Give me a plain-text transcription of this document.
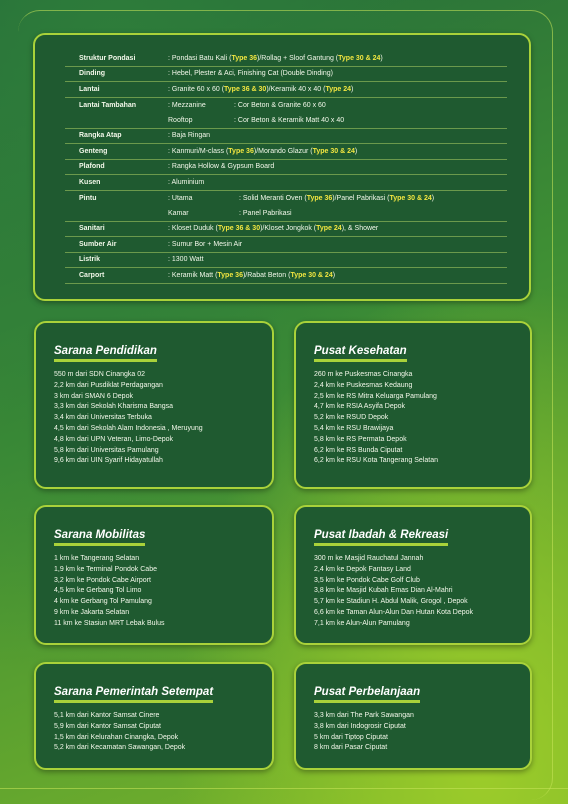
Struktur Pondasi	: Pondasi Batu Kali (Type 36)/Rollag + Sloof Gantung (Type 30 & 24)
Dinding	: Hebel, Plester & Aci, Finishing Cat (Double Dinding)
Lantai	: Granite 60 x 60 (Type 36 & 30)/Keramik 40 x 40 (Type 24)
Lantai Tambahan	: Mezzanine	: Cor Beton & Granite 60 x 60
Rooftop	: Cor Beton & Keramik Matt 40 x 40
Rangka Atap	: Baja Ringan
Genteng	: Kanmuri/M-class (Type 36)/Morando Glazur (Type 30 & 24)
Plafond	: Rangka Hollow & Gypsum Board
Kusen	: Aluminium
Pintu	: Utama	: Solid Meranti Oven (Type 36)/Panel Pabrikasi (Type 30 & 24)
Kamar	: Panel Pabrikasi
Sanitari	: Kloset Duduk (Type 36 & 30)/Kloset Jongkok (Type 24), & Shower
Sumber Air	: Sumur Bor + Mesin Air
Listrik	: 1300 Watt
Carport	: Keramik Matt (Type 36)/Rabat Beton (Type 30 & 24)
Sarana Pendidikan
550 m dari SDN Cinangka 02
2,2 km dari Pusdiklat Perdagangan
3 km dari SMAN 6 Depok
3,3 km dari Sekolah Kharisma Bangsa
3,4 km dari Universitas Terbuka
4,5 km dari Sekolah Alam Indonesia , Meruyung
4,8 km dari UPN Veteran, Limo-Depok
5,8 km dari Universitas Pamulang
9,6 km dari UIN Syarif Hidayatullah
Pusat Kesehatan
260 m ke Puskesmas Cinangka
2,4 km ke Puskesmas Kedaung
2,5 km ke RS Mitra Keluarga Pamulang
4,7 km ke RSIA Asyifa Depok
5,2 km ke RSUD Depok
5,4 km ke RSU Brawijaya
5,8 km ke RS Permata Depok
6,2 km ke RS Bunda Ciputat
6,2 km ke RSU Kota Tangerang Selatan
Sarana Mobilitas
1 km ke Tangerang Selatan
1,9 km ke Terminal Pondok Cabe
3,2 km ke Pondok Cabe Airport
4,5 km ke Gerbang Tol Limo
4 km ke Gerbang Tol Pamulang
9 km ke Jakarta Selatan
11 km ke Stasiun MRT Lebak Bulus
Pusat Ibadah & Rekreasi
300 m ke Masjid Rauchatul Jannah
2,4 km ke Depok Fantasy Land
3,5 km ke Pondok Cabe Golf Club
3,8 km ke Masjid Kubah Emas Dian Al-Mahri
5,7 km ke Stadiun H. Abdul Malik, Grogol , Depok
6,6 km ke Taman Alun-Alun Dan Hutan Kota Depok
7,1 km ke Alun-Alun Pamulang
Sarana Pemerintah Setempat
5,1 km dari Kantor Samsat Cinere
5,9 km dari Kantor Samsat Ciputat
1,5 km dari Kelurahan Cinangka, Depok
5,2 km dari Kecamatan Sawangan, Depok
Pusat Perbelanjaan
3,3 km dari The Park Sawangan
3,8 km dari Indogrosir Ciputat
5 km dari Tiptop Ciputat
8 km dari Pasar Ciputat
